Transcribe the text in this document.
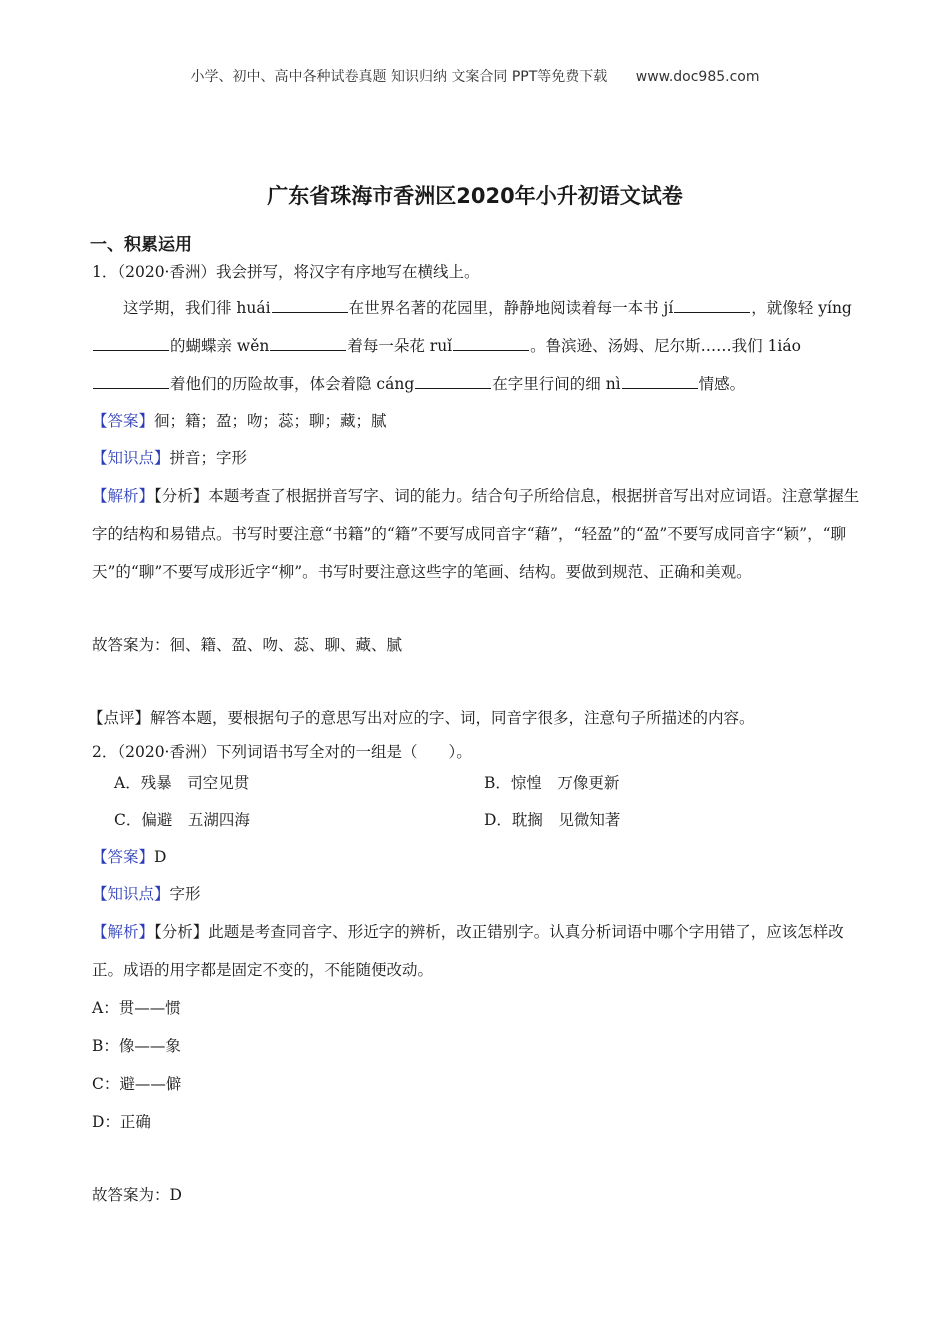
小学、初中、高中各种试卷真题 知识归纳 文案合同 PPT等免费下载 www.doc985.com
广东省珠海市香洲区2020年小升初语文试卷
一、积累运用

1．（2020·香洲）我会拼写，将汉字有序地写在横线上。

这学期，我们徘 huái	在世界名著的花园里，静静地阅读着每一本书 jí	，就像轻 yíng的蝴蝶亲 wěn	着每一朵花 ruǐ	。鲁滨逊、汤姆、尼尔斯……我们 1iáo着他们的历险故事，体会着隐 cáng	在字里行间的细 nì	情感。

【答案】徊；籍；盈；吻；蕊；聊；藏；腻

【知识点】拼音；字形

【解析】【分析】本题考查了根据拼音写字、词的能力。结合句子所给信息，根据拼音写出对应词语。注意掌握生字的结构和易错点。书写时要注意“书籍”的“籍”不要写成同音字“藉”，“轻盈”的“盈”不要写成同音字“颖”，“聊天”的“聊”不要写成形近字“柳”。书写时要注意这些字的笔画、结构。要做到规范、正确和美观。

故答案为：徊、籍、盈、吻、蕊、聊、藏、腻

【点评】解答本题，要根据句子的意思写出对应的字、词，同音字很多，注意句子所描述的内容。

2．（2020·香洲）下列词语书写全对的一组是（　　）。

A．残暴　司空见贯	B．惊惶　万像更新
C．偏避　五湖四海	D．耽搁　见微知著

【答案】D

【知识点】字形

【解析】【分析】此题是考查同音字、形近字的辨析，改正错别字。认真分析词语中哪个字用错了，应该怎样改正。成语的用字都是固定不变的，不能随便改动。

A：贯——惯

B：像——象

C：避——僻

D：正确

故答案为：D
